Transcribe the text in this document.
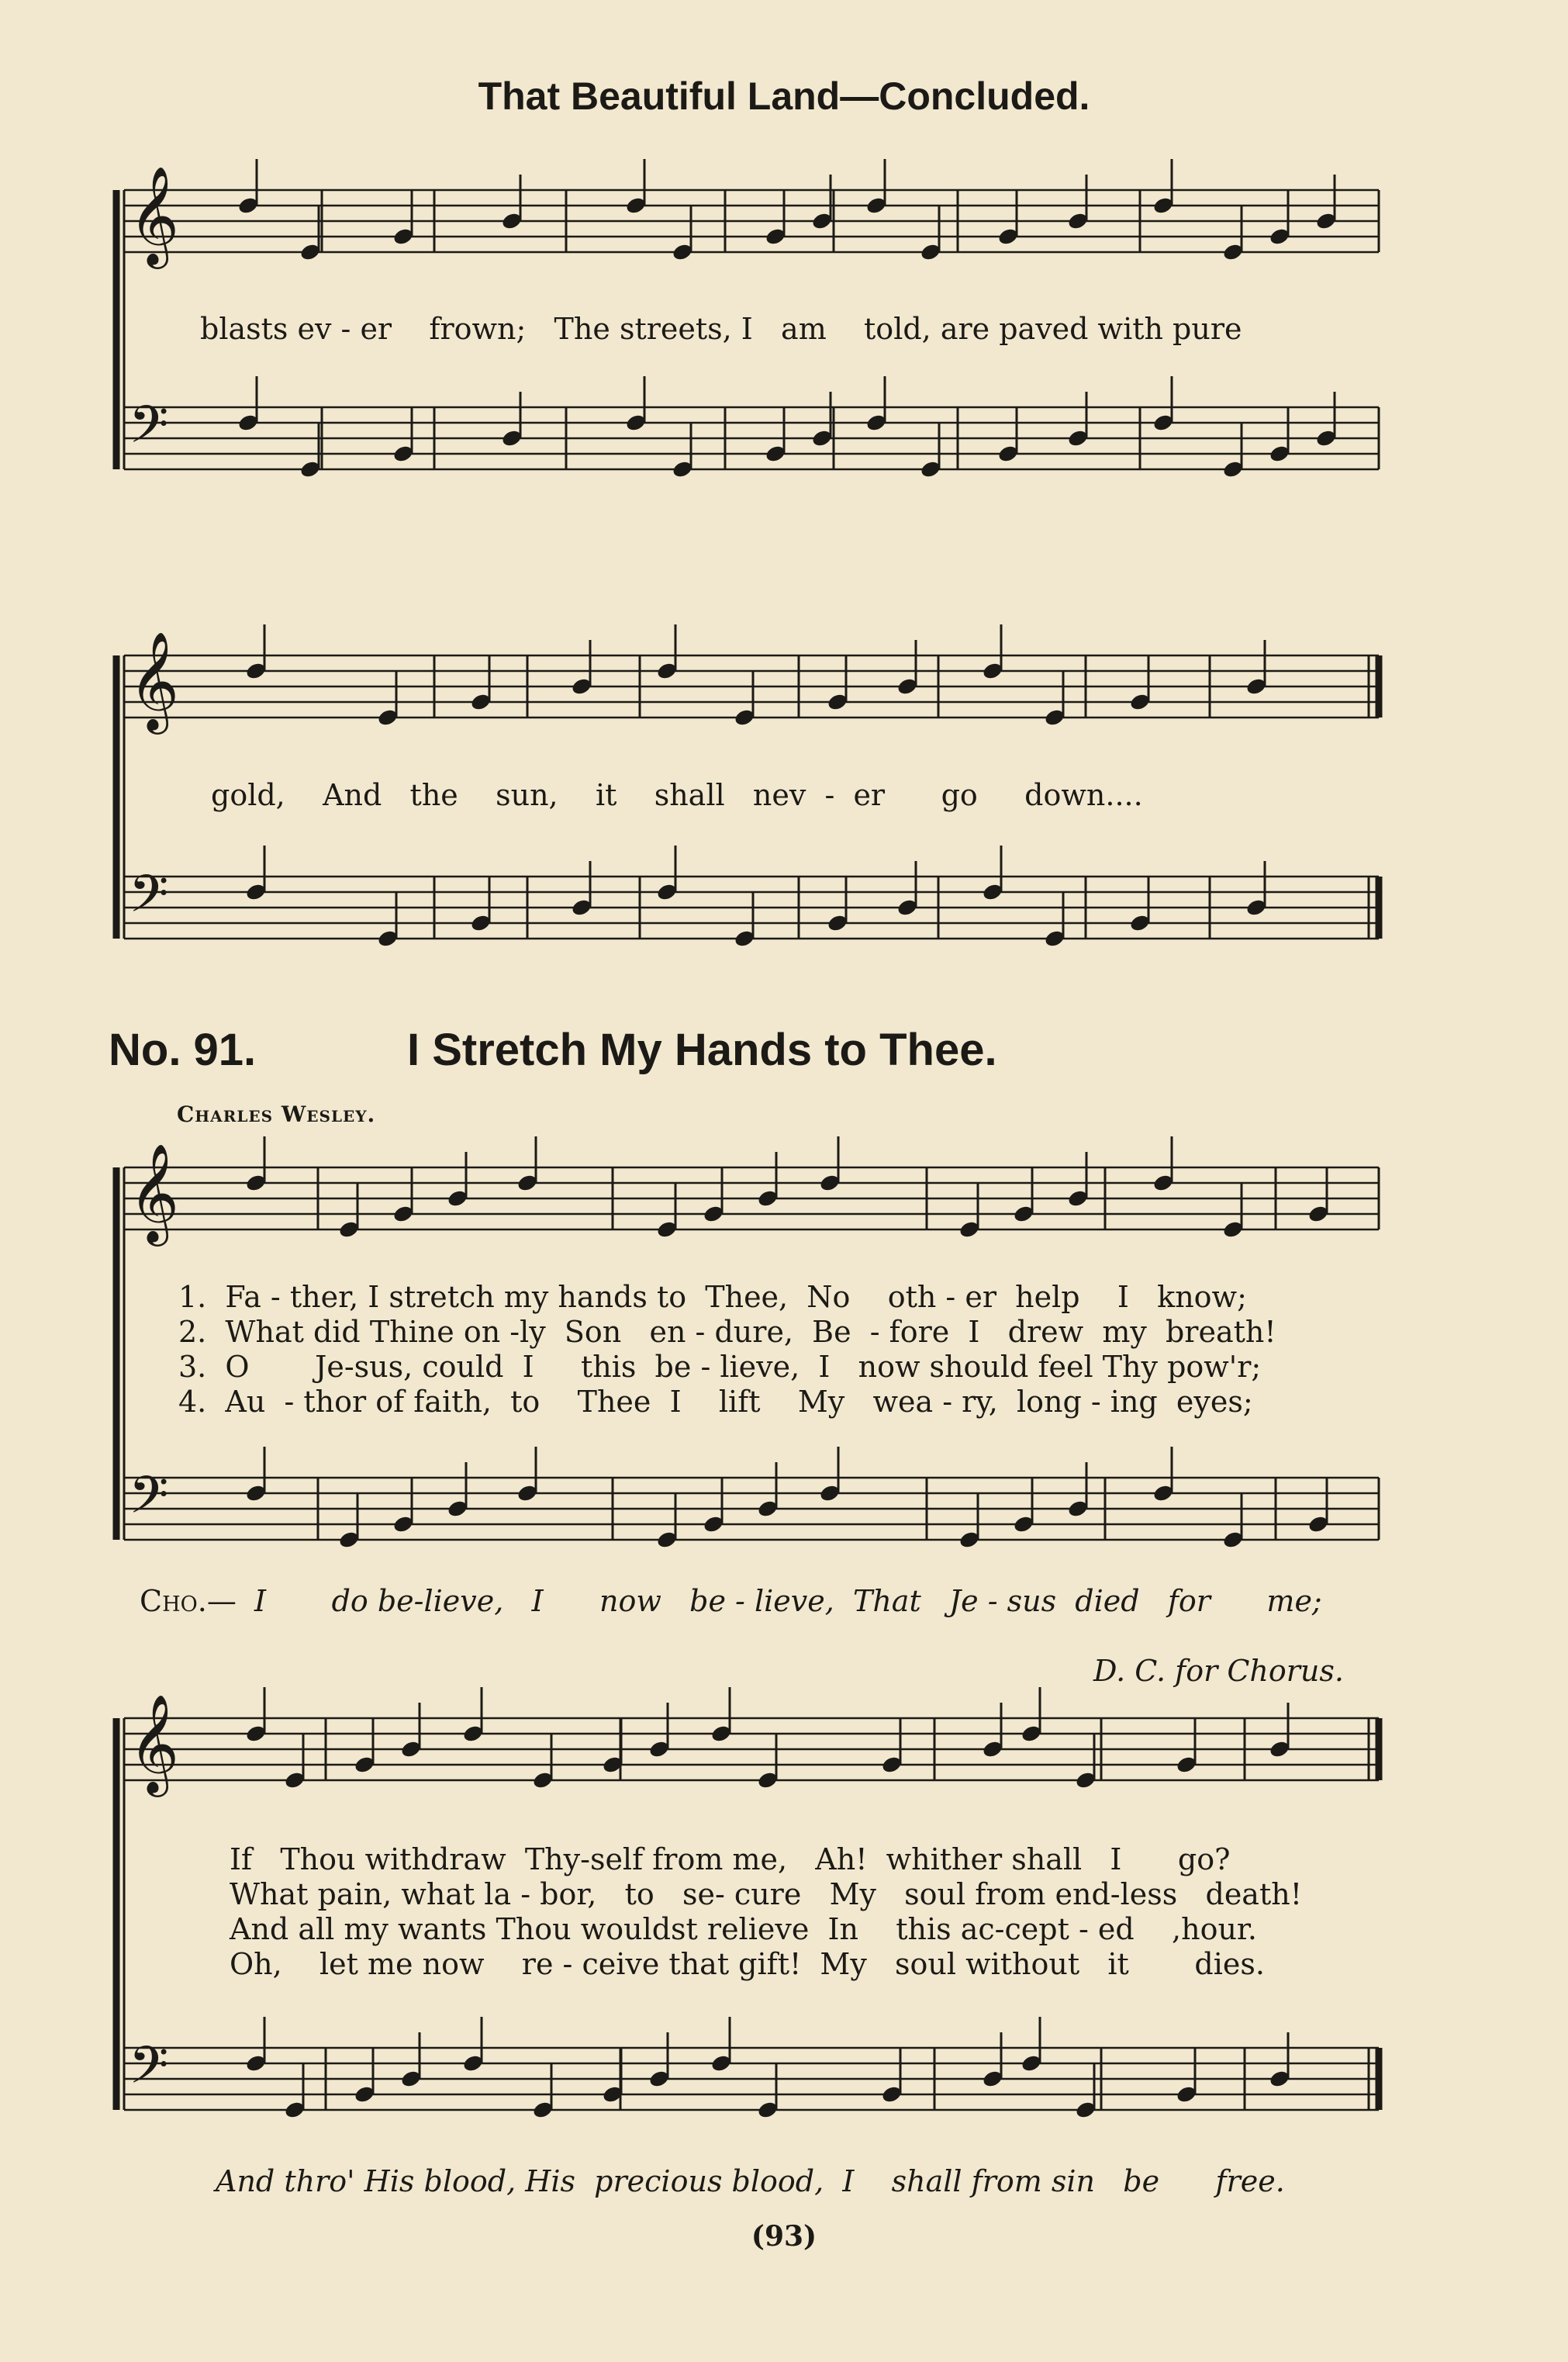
𝄞
𝄢
𝄞
𝄢
𝄞
𝄢
𝄞
𝄢
That Beautiful Land—Concluded.
blasts ev - er    frown;   The streets, I   am    told, are paved with pure
gold,    And   the    sun,    it    shall   nev  -  er      go     down....
No. 91.	I Stretch My Hands to Thee.
Charles Wesley.
1.  Fa - ther, I stretch my hands to  Thee,  No    oth - er  help    I   know;
2.  What did Thine on -ly  Son   en - dure,  Be  - fore  I   drew  my  breath!
3.  O       Je-sus, could  I     this  be - lieve,  I   now should feel Thy pow'r;
4.  Au  - thor of faith,  to    Thee  I    lift    My   wea - ry,  long - ing  eyes;
Cho.— I       do be-lieve,   I      now   be - lieve,  That   Je - sus  died   for      me;
D. C. for Chorus.
If   Thou withdraw  Thy-self from me,   Ah!  whither shall   I      go?
What pain, what la - bor,   to   se- cure   My   soul from end-less   death!
And all my wants Thou wouldst relieve  In    this ac-cept - ed    ,hour.
Oh,    let me now    re - ceive that gift!  My   soul without   it       dies.
And thro' His blood, His  precious blood,  I    shall from sin   be      free.
(93)
